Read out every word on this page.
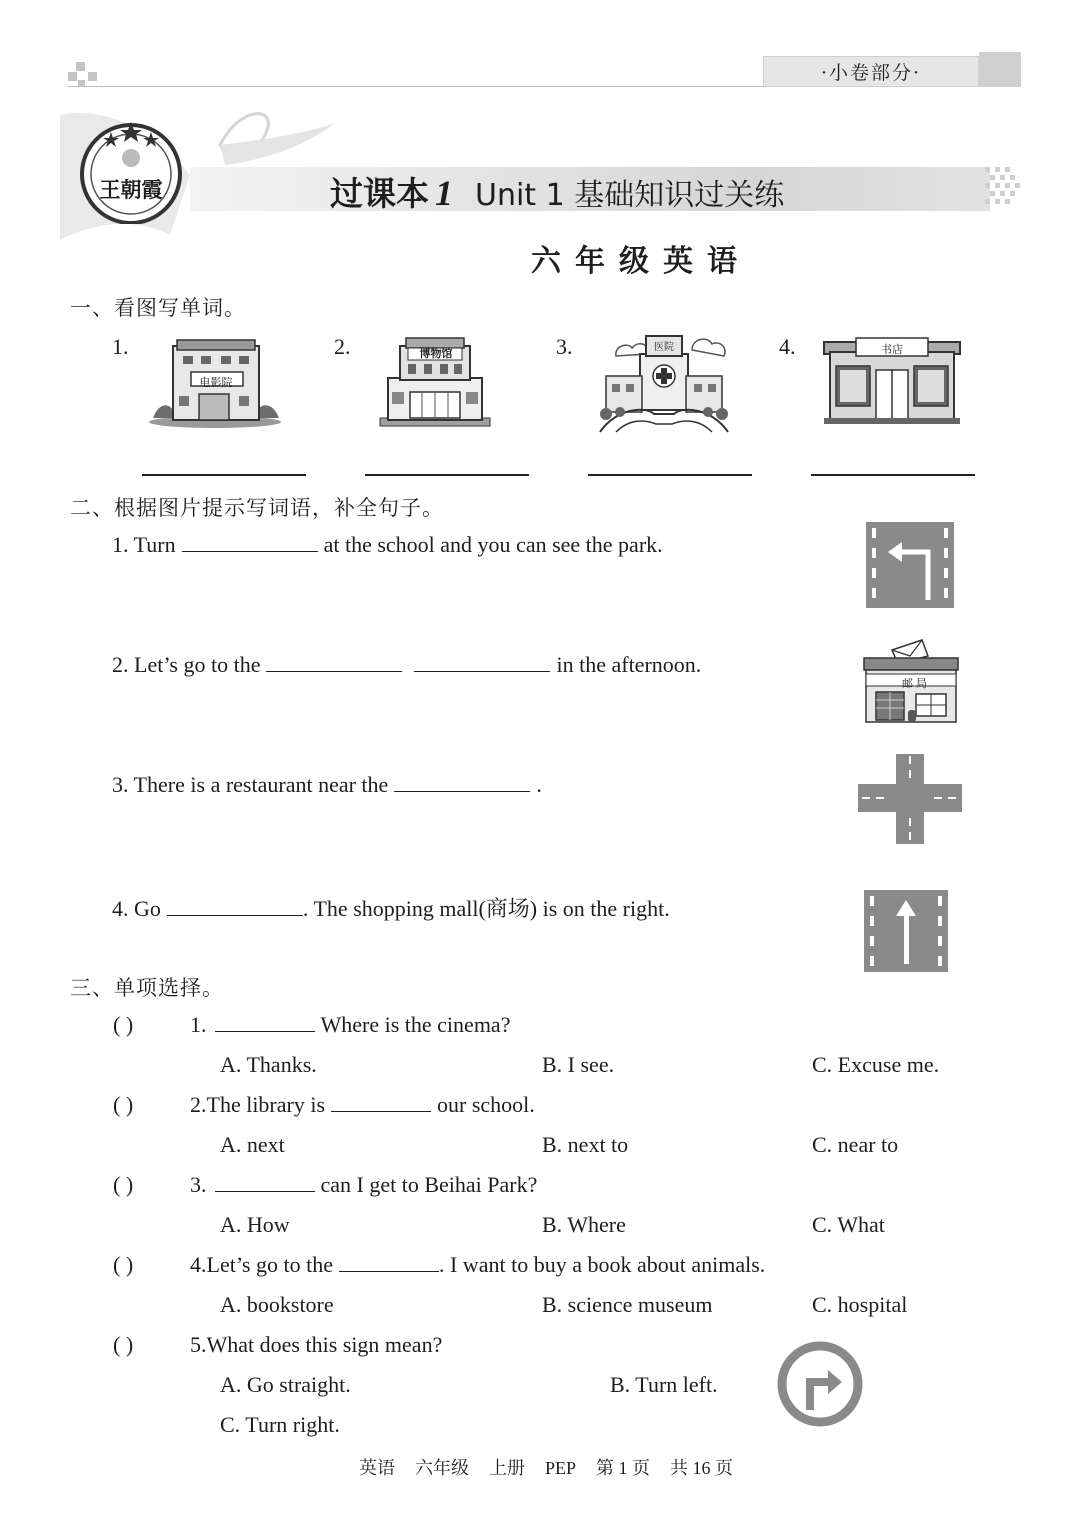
·小卷部分·
王朝霞	过课本 1 Unit 1 基础知识过关练
六年级英语
一、看图写单词。
1.	2.	3.	4.
电影院
博物馆	医院	书店
二、根据图片提示写词语，补全句子。
1. Turn	at the school and you can see the park.
2. Let’s go to the	in the afternoon.
邮局
3. There is a restaurant near the	.
4. Go	. The shopping mall(商场) is on the right.
三、单项选择。
( )	1.	Where is the cinema?
A. Thanks.	B. I see.	C. Excuse me.
( )	2.The library is	our school.
A. next	B. next to	C. near to
( )	3.	can I get to Beihai Park?
A. How	B. Where	C. What
( )	4.Let’s go to the	. I want to buy a book about animals.
A. bookstore	B. science museum	C. hospital
( )	5.What does this sign mean?
A. Go straight.	B. Turn left.
C. Turn right.
英语 六年级 上册 PEP 第 1 页 共 16 页
